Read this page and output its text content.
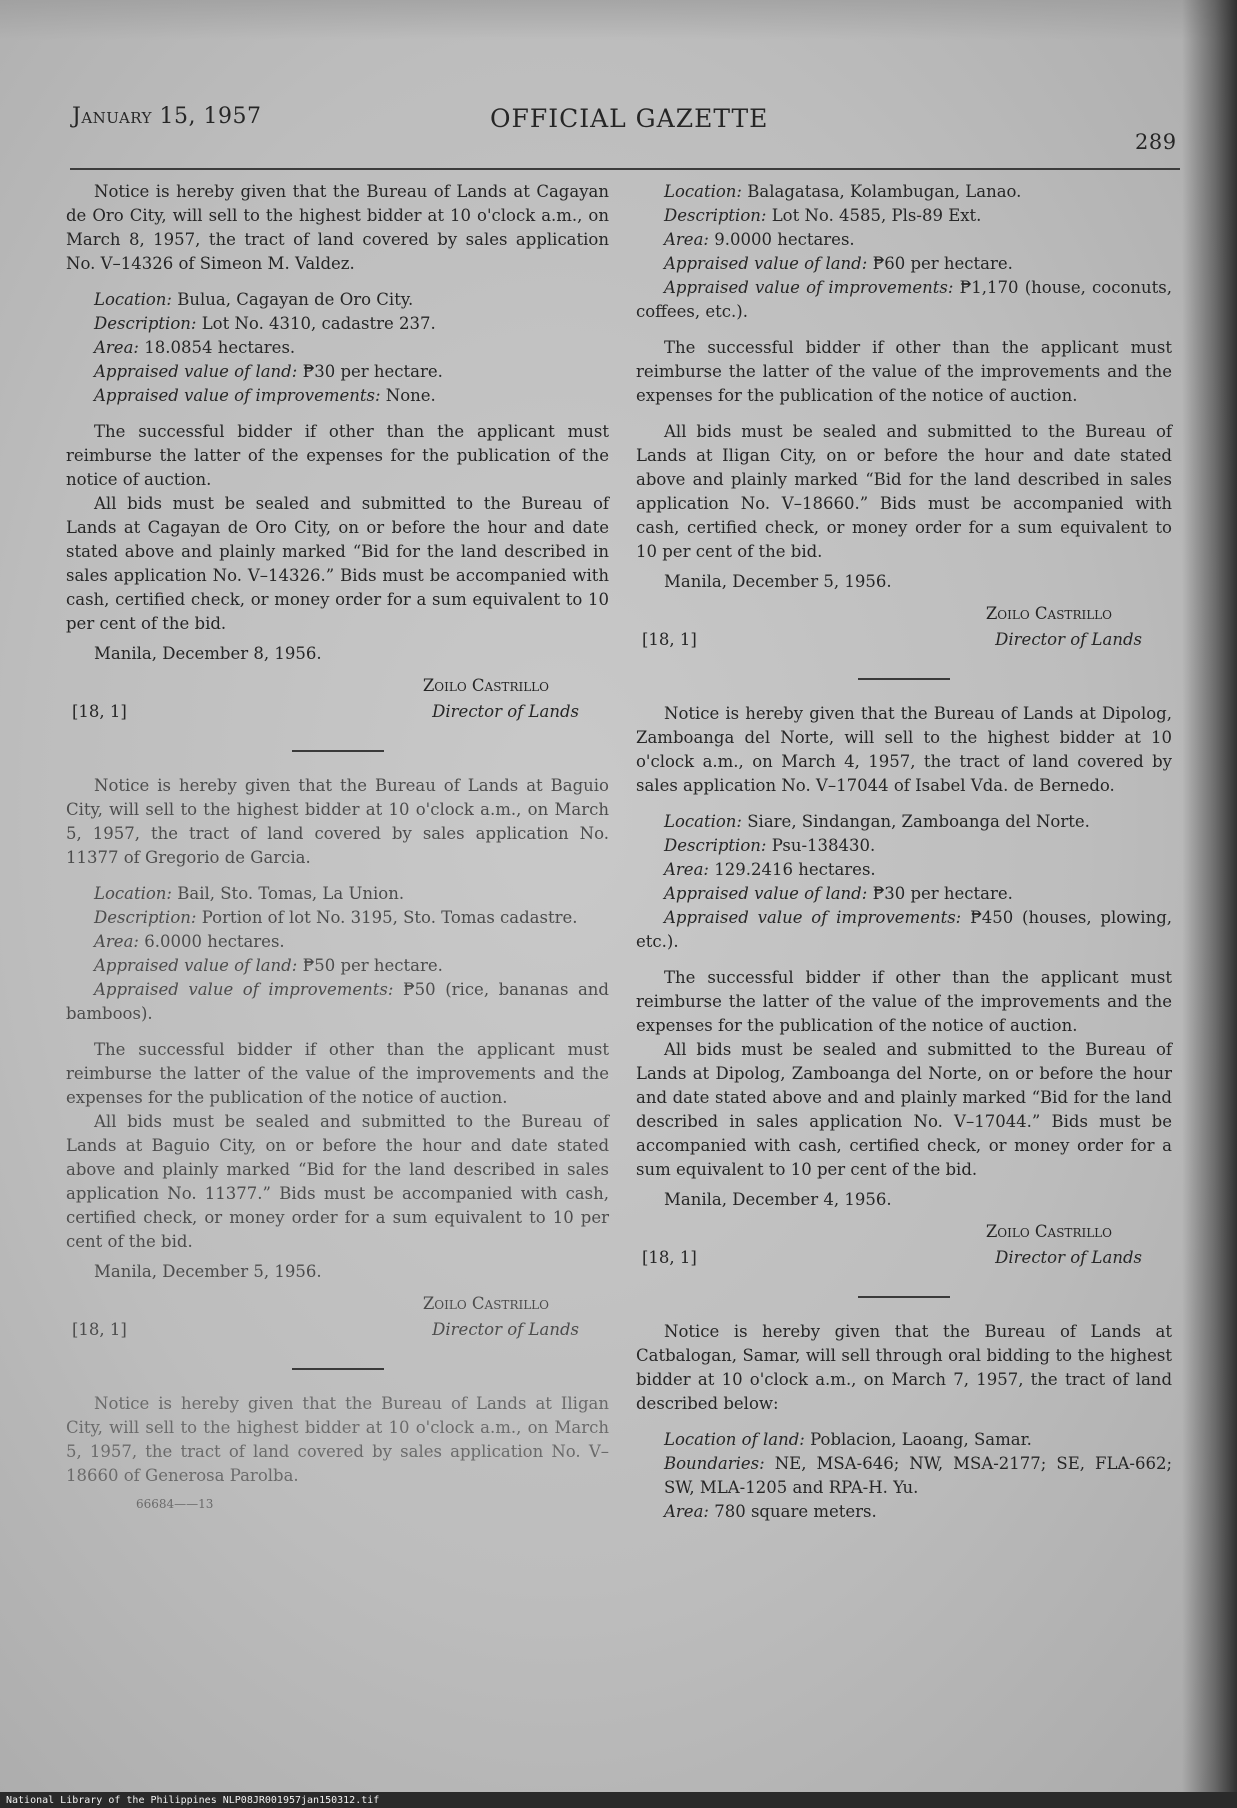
January 15, 1957	OFFICIAL GAZETTE
289

Notice is hereby given that the Bureau of Lands at Cagayan de Oro City, will sell to the highest bidder at 10 o'clock a.m., on March 8, 1957, the tract of land covered by sales application No. V–14326 of Simeon M. Valdez.

Location: Bulua, Cagayan de Oro City.

Description: Lot No. 4310, cadastre 237.

Area: 18.0854 hectares.

Appraised value of land: ₱30 per hectare.

Appraised value of improvements: None.

The successful bidder if other than the applicant must reimburse the latter of the expenses for the publication of the notice of auction.

All bids must be sealed and submitted to the Bureau of Lands at Cagayan de Oro City, on or before the hour and date stated above and plainly marked “Bid for the land described in sales application No. V–14326.” Bids must be accompanied with cash, certified check, or money order for a sum equivalent to 10 per cent of the bid.

Manila, December 8, 1956.

[18, 1]
Zoilo Castrillo
Director of Lands

Notice is hereby given that the Bureau of Lands at Baguio City, will sell to the highest bidder at 10 o'clock a.m., on March 5, 1957, the tract of land covered by sales application No. 11377 of Gregorio de Garcia.

Location: Bail, Sto. Tomas, La Union.

Description: Portion of lot No. 3195, Sto. Tomas cadastre.

Area: 6.0000 hectares.

Appraised value of land: ₱50 per hectare.

Appraised value of improvements: ₱50 (rice, bananas and bamboos).

The successful bidder if other than the applicant must reimburse the latter of the value of the improvements and the expenses for the publication of the notice of auction.

All bids must be sealed and submitted to the Bureau of Lands at Baguio City, on or before the hour and date stated above and plainly marked “Bid for the land described in sales application No. 11377.” Bids must be accompanied with cash, certified check, or money order for a sum equivalent to 10 per cent of the bid.

Manila, December 5, 1956.

[18, 1]
Zoilo Castrillo
Director of Lands

Notice is hereby given that the Bureau of Lands at Iligan City, will sell to the highest bidder at 10 o'clock a.m., on March 5, 1957, the tract of land covered by sales application No. V–18660 of Generosa Parolba.

66684——13

Location: Balagatasa, Kolambugan, Lanao.

Description: Lot No. 4585, Pls-89 Ext.

Area: 9.0000 hectares.

Appraised value of land: ₱60 per hectare.

Appraised value of improvements: ₱1,170 (house, coconuts, coffees, etc.).

The successful bidder if other than the applicant must reimburse the latter of the value of the improvements and the expenses for the publication of the notice of auction.

All bids must be sealed and submitted to the Bureau of Lands at Iligan City, on or before the hour and date stated above and plainly marked “Bid for the land described in sales application No. V–18660.” Bids must be accompanied with cash, certified check, or money order for a sum equivalent to 10 per cent of the bid.

Manila, December 5, 1956.

[18, 1]
Zoilo Castrillo
Director of Lands

Notice is hereby given that the Bureau of Lands at Dipolog, Zamboanga del Norte, will sell to the highest bidder at 10 o'clock a.m., on March 4, 1957, the tract of land covered by sales application No. V–17044 of Isabel Vda. de Bernedo.

Location: Siare, Sindangan, Zamboanga del Norte.

Description: Psu-138430.

Area: 129.2416 hectares.

Appraised value of land: ₱30 per hectare.

Appraised value of improvements: ₱450 (houses, plowing, etc.).

The successful bidder if other than the applicant must reimburse the latter of the value of the improvements and the expenses for the publication of the notice of auction.

All bids must be sealed and submitted to the Bureau of Lands at Dipolog, Zamboanga del Norte, on or before the hour and date stated above and and plainly marked “Bid for the land described in sales application No. V–17044.” Bids must be accompanied with cash, certified check, or money order for a sum equivalent to 10 per cent of the bid.

Manila, December 4, 1956.

[18, 1]
Zoilo Castrillo
Director of Lands

Notice is hereby given that the Bureau of Lands at Catbalogan, Samar, will sell through oral bidding to the highest bidder at 10 o'clock a.m., on March 7, 1957, the tract of land described below:

Location of land: Poblacion, Laoang, Samar.

Boundaries: NE, MSA-646; NW, MSA-2177; SE, FLA-662; SW, MLA-1205 and RPA-H. Yu.

Area: 780 square meters.

National Library of the Philippines NLP08JR001957jan150312.tif
